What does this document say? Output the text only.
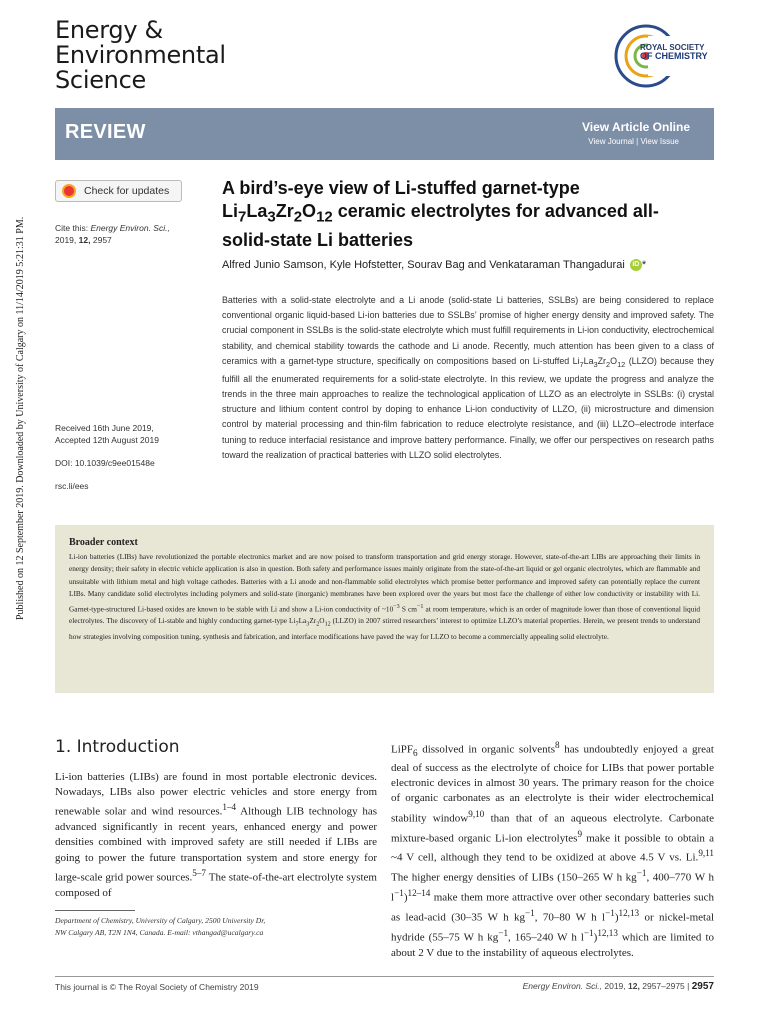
Energy &
Environmental
Science
ROYAL SOCIETY
OF CHEMISTRY
REVIEW	View Article Online
View Journal | View Issue
Published on 12 September 2019. Downloaded by University of Calgary on 11/14/2019 5:21:31 PM.
Check for updates
Cite this: Energy Environ. Sci.,
2019, 12, 2957
Received 16th June 2019,
Accepted 12th August 2019
DOI: 10.1039/c9ee01548e
rsc.li/ees
A bird’s-eye view of Li-stuffed garnet-type $Li_7La_3Zr_2O_{12}$ ceramic electrolytes for advanced all-solid-state Li batteries
Alfred Junio Samson, Kyle Hofstetter, Sourav Bag and Venkataraman Thangadurai iD *
Batteries with a solid-state electrolyte and a Li anode (solid-state Li batteries, SSLBs) are being considered to replace conventional organic liquid-based Li-ion batteries due to SSLBs’ promise of higher energy density and improved safety. The crucial component in SSLBs is the solid-state electrolyte which must fulfill requirements in Li-ion conductivity, electrochemical stability, and chemical stability towards the cathode and Li anode. Recently, much attention has been given to a class of ceramics with a garnet-type structure, specifically on compositions based on Li-stuffed $Li_7La_3Zr_2O_{12}$ (LLZO) because they fulfill all the enumerated requirements for a solid-state electrolyte. In this review, we update the progress and analyze the trends in the three main approaches to realize the technological application of LLZO as an electrolyte in SSLBs: (i) crystal structure and lithium content control by doping to enhance Li-ion conductivity of LLZO, (ii) microstructure and dimension control by material processing and thin-film fabrication to reduce electrolyte resistance, and (iii) LLZO–electrode interface tuning to reduce interfacial resistance and improve battery performance. Finally, we offer our perspectives on research paths toward the realization of practical batteries with LLZO solid electrolytes.
Broader context

Li-ion batteries (LIBs) have revolutionized the portable electronics market and are now poised to transform transportation and grid energy storage. However, state-of-the-art LIBs are approaching their limits in energy density; their safety in electric vehicle application is also in question. Both safety and performance issues mainly originate from the state-of-the-art liquid or gel organic electrolytes, which are flammable and unsuitable with lithium metal and high voltage cathodes. Batteries with a Li anode and non-flammable solid electrolytes which promise better performance and improved safety can potentially replace the current LIBs. Many candidate solid electrolytes including polymers and solid-state (inorganic) membranes have been explored over the years but most face the challenge of either low conductivity or instability with Li. Garnet-type-structured Li-based oxides are known to be stable with Li and show a Li-ion conductivity of $\sim 10^{-3}$ S $cm^{-1}$ at room temperature, which is an order of magnitude lower than those of conventional liquid electrolytes. The discovery of Li-stable and highly conducting garnet-type $Li_7La_3Zr_2O_{12}$ (LLZO) in 2007 stirred researchers’ interest to optimize LLZO’s material properties. Herein, we present trends to understand how strategies involving composition tuning, synthesis and fabrication, and interface modifications have paved the way for LLZO to become a commercially appealing solid electrolyte.

1. Introduction
Li-ion batteries (LIBs) are found in most portable electronic devices. Nowadays, LIBs also power electric vehicles and store energy from renewable solar and wind resources.$^{1-4}$ Although LIB technology has advanced significantly in recent years, enhanced energy and power densities combined with improved safety are still needed if LIBs are going to power the future transportation system and store energy for large-scale grid power sources.$^{5-7}$ The state-of-the-art electrolyte system composed of
LiPF$_6$ dissolved in organic solvents$^8$ has undoubtedly enjoyed a great deal of success as the electrolyte of choice for LIBs that power portable electronic devices in almost 30 years. The primary reason for the choice of organic carbonates as an electrolyte is their wider electrochemical stability window$^{9,10}$ than that of an aqueous electrolyte. Carbonate mixture-based organic Li-ion electrolytes$^9$ make it possible to obtain a ~4 V cell, although they tend to be oxidized at above 4.5 V vs. Li.$^{9,11}$ The higher energy densities of LIBs (150–265 W h $kg^{-1}$, 400–770 W h $l^{-1})^{12-14}$ make them more attractive over other secondary batteries such as lead-acid (30–35 W h $kg^{-1}$, 70–80 W h $l^{-1})^{12,13}$ or nickel-metal hydride (55–75 W h $kg^{-1}$, 165–240 W h $l^{-1})^{12,13}$ which are limited to about 2 V due to the instability of aqueous electrolytes.
Department of Chemistry, University of Calgary, 2500 University Dr,
NW Calgary AB, T2N 1N4, Canada. E-mail: vthangad@ucalgary.ca
This journal is © The Royal Society of Chemistry 2019	Energy Environ. Sci., 2019, 12, 2957–2975 | 2957
